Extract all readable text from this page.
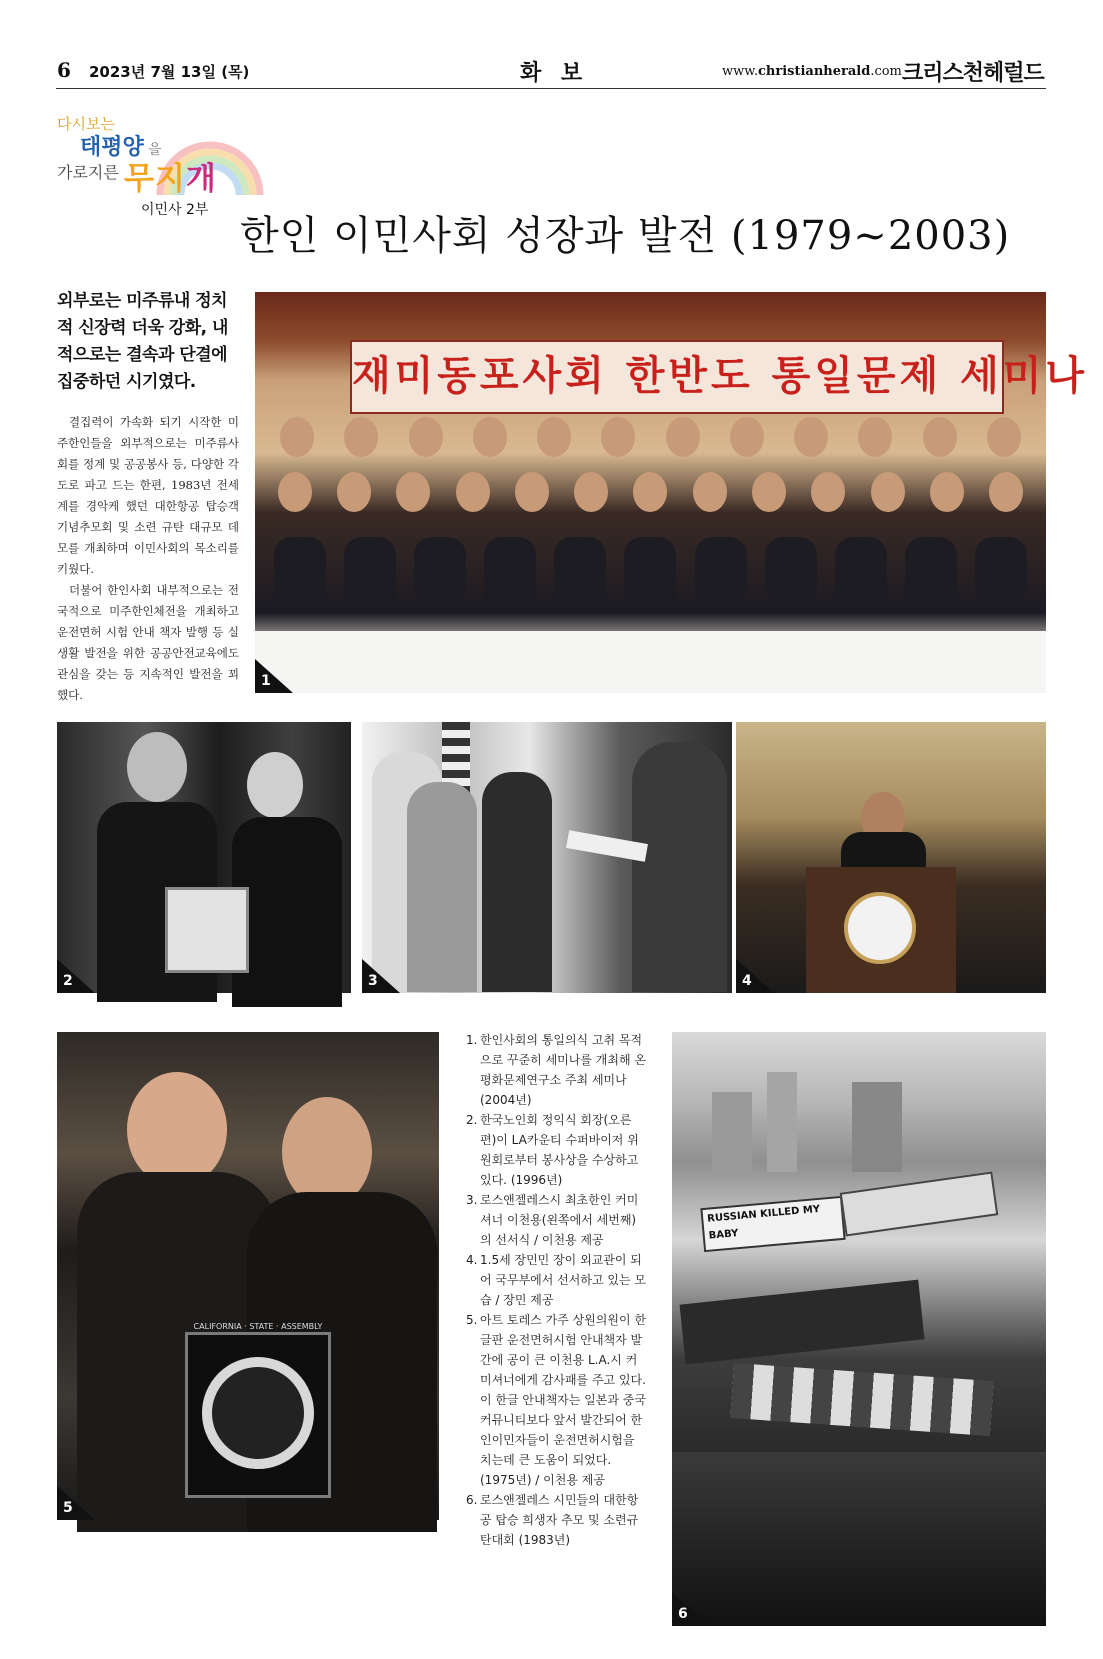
6 2023년 7월 13일 (목)	화 보	www.christianherald.com 크리스천헤럴드
다시보는
태평양 을
가로지른 무지개
이민사 2부
한인 이민사회 성장과 발전 (1979~2003)
외부로는 미주류내 정치적 신장력 더욱 강화, 내적으로는 결속과 단결에 집중하던 시기였다.

결집력이 가속화 되기 시작한 미주한인들을 외부적으로는 미주류사회를 정계 및 공공봉사 등, 다양한 각도로 파고 드는 한편, 1983년 전세계를 경악케 했던 대한항공 탑승객 기념추모회 및 소련 규탄 대규모 데모를 개최하며 이민사회의 목소리를 키웠다.

더불어 한인사회 내부적으로는 전국적으로 미주한인체전을 개최하고 운전면허 시험 안내 책자 발행 등 실생활 발전을 위한 공공안전교육에도 관심을 갖는 등 지속적인 발전을 꾀했다.

재미동포사회 한반도 통일문제 세미나
1
2	3	4
CALIFORNIA · STATE · ASSEMBLY
5
1. 한인사회의 통일의식 고취 목적으로 꾸준히 세미나를 개최해 온 평화문제연구소 주최 세미나 (2004년)
2. 한국노인회 정익식 회장(오른편)이 LA카운티 수퍼바이저 위원회로부터 봉사상을 수상하고 있다. (1996년)
3. 로스앤젤레스시 최초한인 커미셔너 이천용(왼쪽에서 세번째)의 선서식 / 이천용 제공
4. 1.5세 장민민 장이 외교관이 되어 국무부에서 선서하고 있는 모습 / 장민 제공
5. 아트 토레스 가주 상원의원이 한글판 운전면허시험 안내책자 발간에 공이 큰 이천용 L.A.시 커미셔너에게 감사패를 주고 있다. 이 한글 안내책자는 일본과 중국 커뮤니티보다 앞서 발간되어 한인이민자들이 운전면허시험을 치는데 큰 도움이 되었다. (1975년) / 이천용 제공
6. 로스앤젤레스 시민들의 대한항공 탑승 희생자 추모 및 소련규탄대회 (1983년)
RUSSIAN KILLED MY BABY
6
